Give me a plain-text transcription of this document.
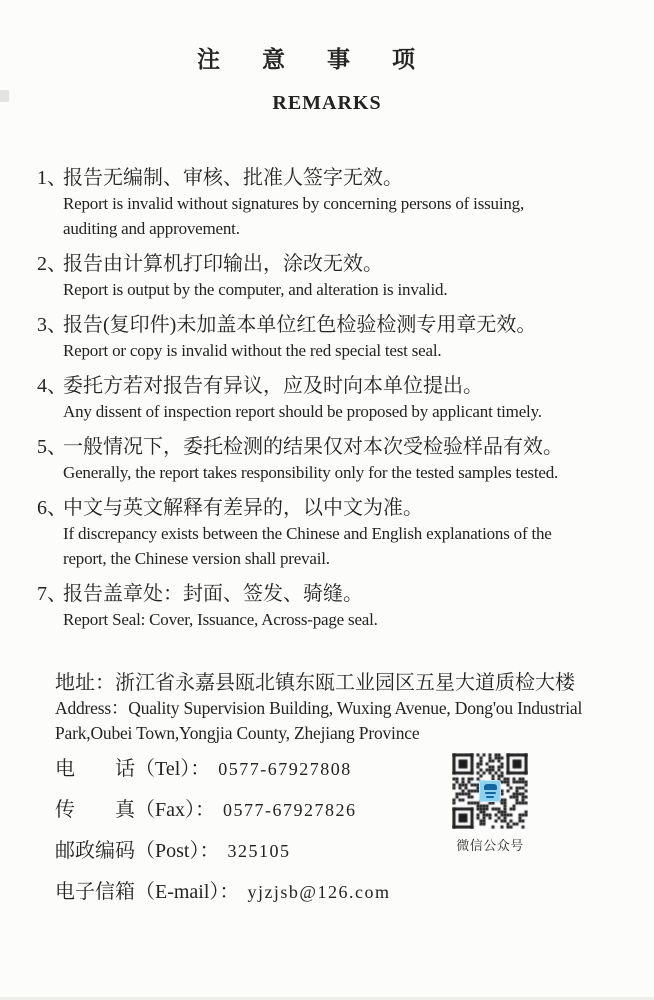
注意事项
REMARKS
1、
报告无编制、审核、批准人签字无效。
Report is invalid without signatures by concerning persons of issuing,
auditing and approvement.
2、
报告由计算机打印输出，涂改无效。
Report is output by the computer, and alteration is invalid.
3、
报告(复印件)未加盖本单位红色检验检测专用章无效。
Report or copy is invalid without the red special test seal.
4、
委托方若对报告有异议，应及时向本单位提出。
Any dissent of inspection report should be proposed by applicant timely.
5、
一般情况下，委托检测的结果仅对本次受检验样品有效。
Generally, the report takes responsibility only for the tested samples tested.
6、
中文与英文解释有差异的，以中文为准。
If discrepancy exists between the Chinese and English explanations of the
report, the Chinese version shall prevail.
7、
报告盖章处：封面、签发、骑缝。
Report Seal: Cover, Issuance, Across-page seal.
地址：浙江省永嘉县瓯北镇东瓯工业园区五星大道质检大楼
Address：Quality Supervision Building, Wuxing Avenue, Dong'ou Industrial
Park,Oubei Town,Yongjia County, Zhejiang Province
电　　话（Tel）： 0577-67927808
传　　真（Fax）： 0577-67927826
邮政编码（Post）： 325105
电子信箱（E-mail）： yjzjsb@126.com
微信公众号
